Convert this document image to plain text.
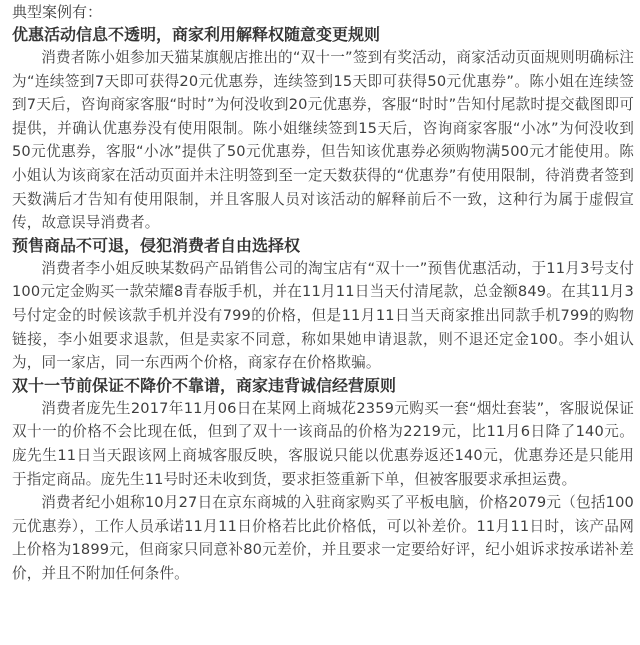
典型案例有：

优惠活动信息不透明，商家利用解释权随意变更规则

消费者陈小姐参加天猫某旗舰店推出的“双十一”签到有奖活动，商家活动页面规则明确标注为“连续签到7天即可获得20元优惠券，连续签到15天即可获得50元优惠券”。陈小姐在连续签到7天后，咨询商家客服“时时”为何没收到20元优惠券，客服“时时”告知付尾款时提交截图即可提供，并确认优惠券没有使用限制。陈小姐继续签到15天后，咨询商家客服“小冰”为何没收到50元优惠券，客服“小冰”提供了50元优惠券，但告知该优惠券必须购物满500元才能使用。陈小姐认为该商家在活动页面并未注明签到至一定天数获得的“优惠券”有使用限制，待消费者签到天数满后才告知有使用限制，并且客服人员对该活动的解释前后不一致，这种行为属于虚假宣传，故意误导消费者。

预售商品不可退，侵犯消费者自由选择权

消费者李小姐反映某数码产品销售公司的淘宝店有“双十一”预售优惠活动，于11月3号支付100元定金购买一款荣耀8青春版手机，并在11月11日当天付清尾款，总金额849。在其11月3号付定金的时候该款手机并没有799的价格，但是11月11日当天商家推出同款手机799的购物链接，李小姐要求退款，但是卖家不同意，称如果她申请退款，则不退还定金100。李小姐认为，同一家店，同一东西两个价格，商家存在价格欺骗。

双十一节前保证不降价不靠谱，商家违背诚信经营原则

消费者庞先生2017年11月06日在某网上商城花2359元购买一套“烟灶套装”，客服说保证双十一的价格不会比现在低，但到了双十一该商品的价格为2219元，比11月6日降了140元。庞先生11日当天跟该网上商城客服反映，客服说只能以优惠券返还140元，优惠券还是只能用于指定商品。庞先生11号时还未收到货，要求拒签重新下单，但被客服要求承担运费。

消费者纪小姐称10月27日在京东商城的入驻商家购买了平板电脑，价格2079元（包括100元优惠券），工作人员承诺11月11日价格若比此价格低，可以补差价。11月11日时，该产品网上价格为1899元，但商家只同意补80元差价，并且要求一定要给好评，纪小姐诉求按承诺补差价，并且不附加任何条件。
